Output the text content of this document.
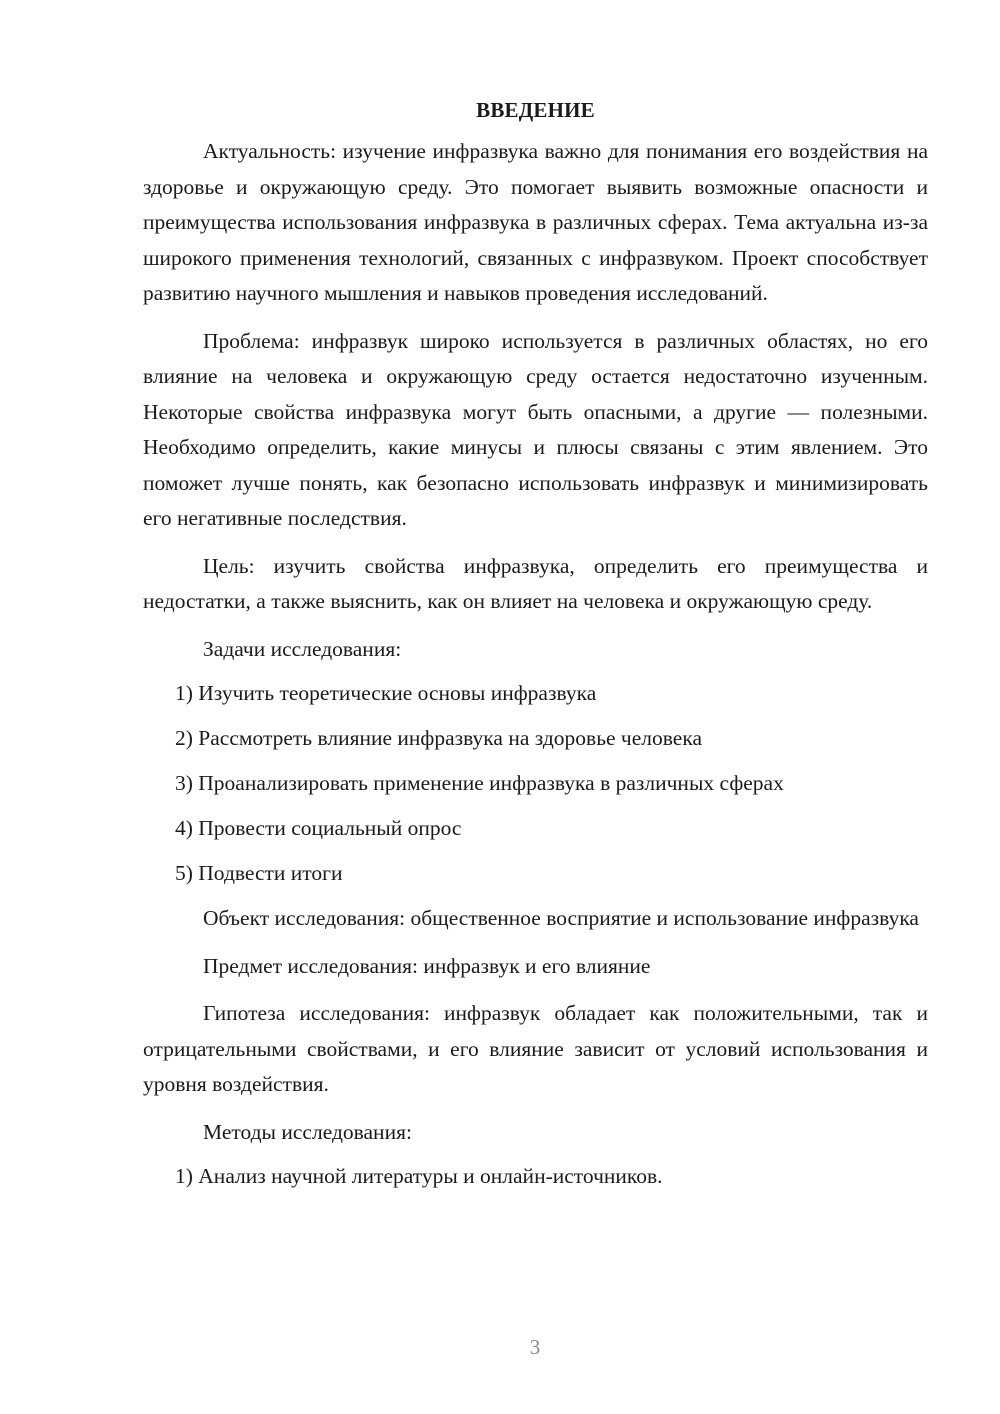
ВВЕДЕНИЕ

Актуальность: изучение инфразвука важно для понимания его воздействия на здоровье и окружающую среду. Это помогает выявить возможные опасности и преимущества использования инфразвука в различных сферах. Тема актуальна из-за широкого применения технологий, связанных с инфразвуком. Проект способствует развитию научного мышления и навыков проведения исследований.

Проблема: инфразвук широко используется в различных областях, но его влияние на человека и окружающую среду остается недостаточно изученным. Некоторые свойства инфразвука могут быть опасными, а другие — полезными. Необходимо определить, какие минусы и плюсы связаны с этим явлением. Это поможет лучше понять, как безопасно использовать инфразвук и минимизировать его негативные последствия.

Цель: изучить свойства инфразвука, определить его преимущества и недостатки, а также выяснить, как он влияет на человека и окружающую среду.

Задачи исследования:
1) Изучить теоретические основы инфразвука
2) Рассмотреть влияние инфразвука на здоровье человека
3) Проанализировать применение инфразвука в различных сферах
4) Провести социальный опрос
5) Подвести итоги

Объект исследования: общественное восприятие и использование инфразвука

Предмет исследования: инфразвук и его влияние

Гипотеза исследования: инфразвук обладает как положительными, так и отрицательными свойствами, и его влияние зависит от условий использования и уровня воздействия.

Методы исследования:
1) Анализ научной литературы и онлайн-источников.
3
